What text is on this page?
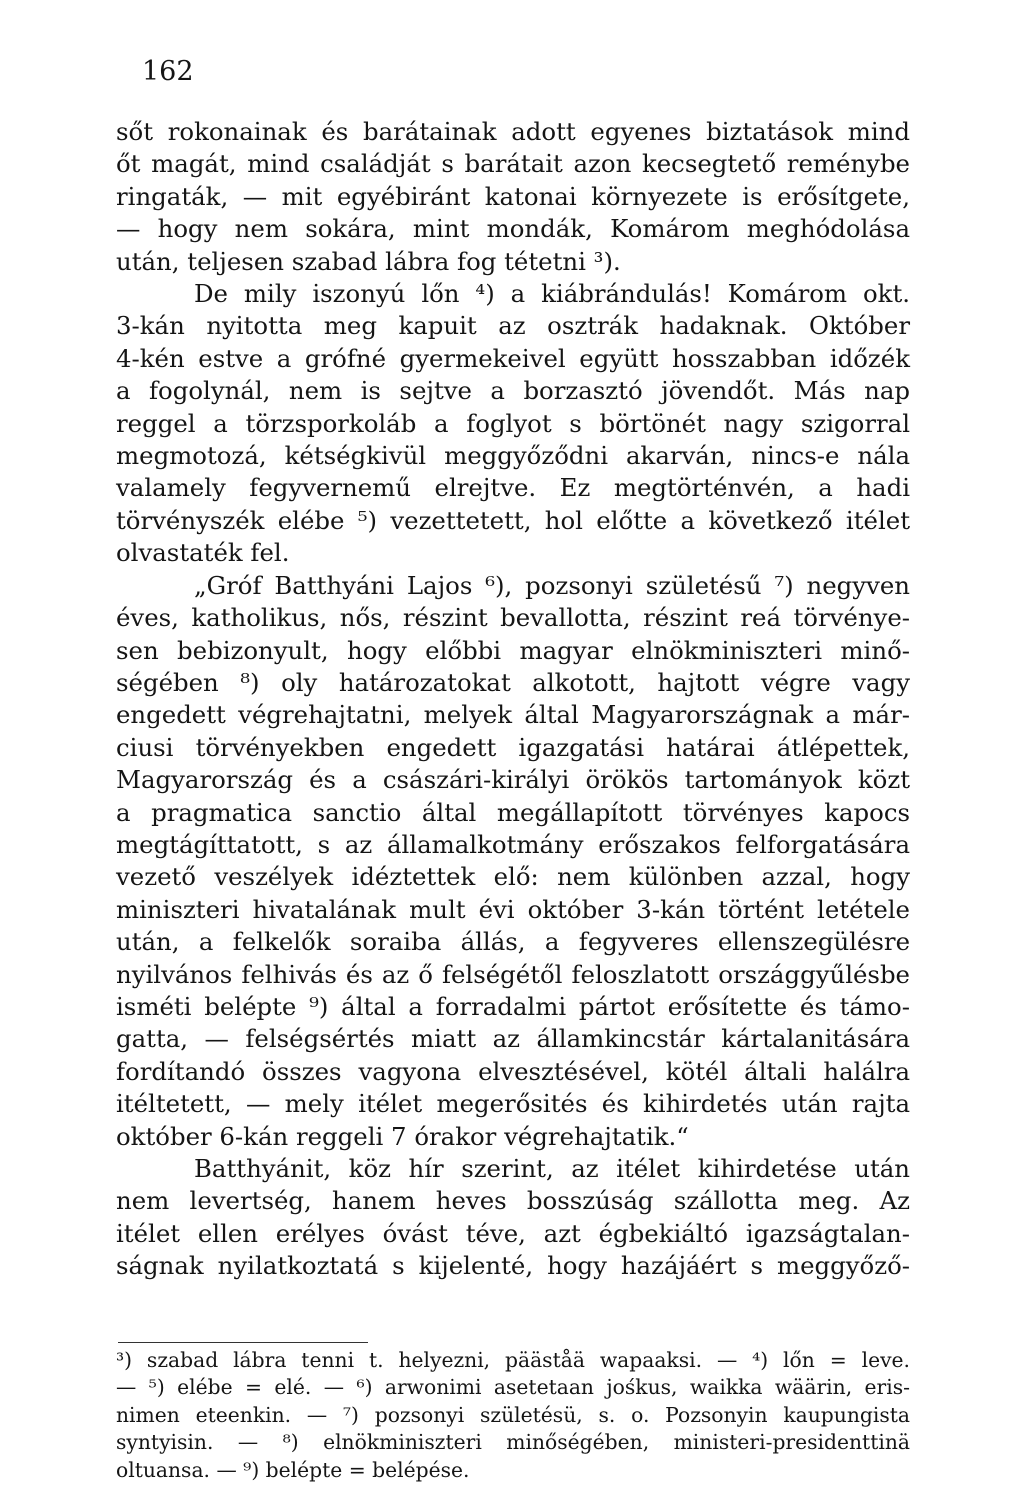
162
sőt rokonainak és barátainak adott egyenes biztatások mind
őt magát, mind családját s barátait azon kecsegtető reménybe
ringaták, — mit egyébiránt katonai környezete is erősítgete,
— hogy nem sokára, mint mondák, Komárom meghódolása
után, teljesen szabad lábra fog tétetni ³).
De mily iszonyú lőn ⁴) a kiábrándulás! Komárom okt.
3-kán nyitotta meg kapuit az osztrák hadaknak. Október
4-kén estve a grófné gyermekeivel együtt hosszabban időzék
a fogolynál, nem is sejtve a borzasztó jövendőt. Más nap
reggel a törzsporkoláb a foglyot s börtönét nagy szigorral
megmotozá, kétségkivül meggyőződni akarván, nincs-e nála
valamely fegyvernemű elrejtve. Ez megtörténvén, a hadi
törvényszék elébe ⁵) vezettetett, hol előtte a következő itélet
olvastaték fel.
„Gróf Batthyáni Lajos ⁶), pozsonyi születésű ⁷) negyven
éves, katholikus, nős, részint bevallotta, részint reá törvénye-
sen bebizonyult, hogy előbbi magyar elnökminiszteri minő-
ségében ⁸) oly határozatokat alkotott, hajtott végre vagy
engedett végrehajtatni, melyek által Magyarországnak a már-
ciusi törvényekben engedett igazgatási határai átlépettek,
Magyarország és a császári-királyi örökös tartományok közt
a pragmatica sanctio által megállapított törvényes kapocs
megtágíttatott, s az államalkotmány erőszakos felforgatására
vezető veszélyek idéztettek elő: nem különben azzal, hogy
miniszteri hivatalának mult évi október 3-kán történt letétele
után, a felkelők soraiba állás, a fegyveres ellenszegülésre
nyilvános felhivás és az ő felségétől feloszlatott országgyűlésbe
isméti belépte ⁹) által a forradalmi pártot erősítette és támo-
gatta, — felségsértés miatt az államkincstár kártalanitására
fordítandó összes vagyona elvesztésével, kötél általi halálra
itéltetett, — mely itélet megerősités és kihirdetés után rajta
október 6-kán reggeli 7 órakor végrehajtatik.“
Batthyánit, köz hír szerint, az itélet kihirdetése után
nem levertség, hanem heves bosszúság szállotta meg. Az
itélet ellen erélyes óvást téve, azt égbekiáltó igazságtalan-
ságnak nyilatkoztatá s kijelenté, hogy hazájáért s meggyőző-
³) szabad lábra tenni t. helyezni, pääståä wapaaksi. — ⁴) lőn = leve.
— ⁵) elébe = elé. — ⁶) arwonimi asetetaan jośkus, waikka wäärin, eris-
nimen eteenkin. — ⁷) pozsonyi születésü, s. o. Pozsonyin kaupungista
syntyisin. — ⁸) elnökminiszteri minőségében, ministeri-presidenttinä
oltuansa. — ⁹) belépte = belépése.
